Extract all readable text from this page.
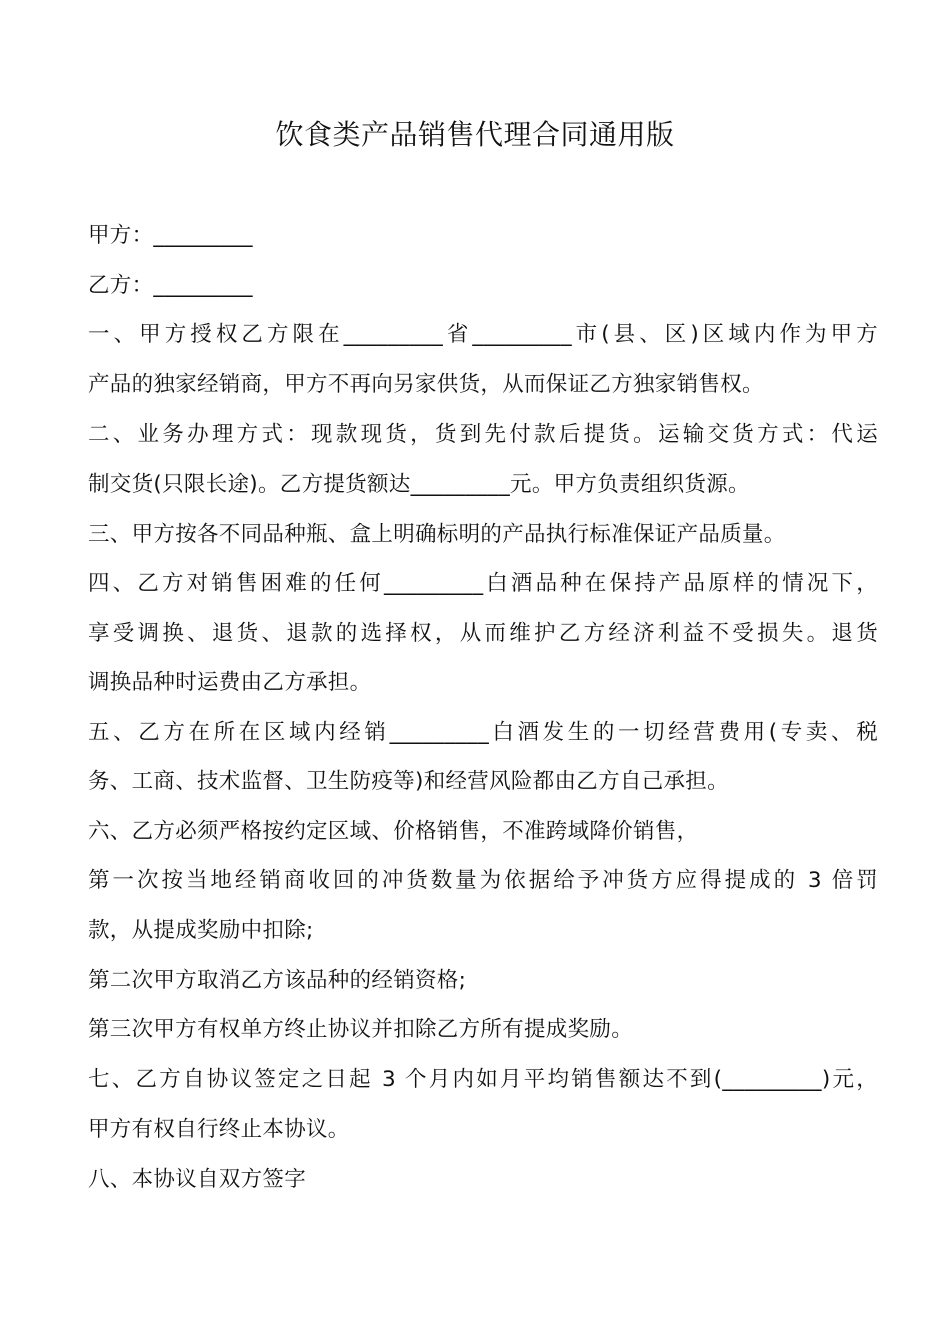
饮食类产品销售代理合同通用版
甲方：_________
乙方：_________
一、甲方授权乙方限在_________省_________市(县、区)区域内作为甲方
产品的独家经销商，甲方不再向另家供货，从而保证乙方独家销售权。
二、业务办理方式：现款现货，货到先付款后提货。运输交货方式：代运
制交货(只限长途)。乙方提货额达_________元。甲方负责组织货源。
三、甲方按各不同品种瓶、盒上明确标明的产品执行标准保证产品质量。
四、乙方对销售困难的任何_________白酒品种在保持产品原样的情况下，
享受调换、退货、退款的选择权，从而维护乙方经济利益不受损失。退货
调换品种时运费由乙方承担。
五、乙方在所在区域内经销_________白酒发生的一切经营费用(专卖、税
务、工商、技术监督、卫生防疫等)和经营风险都由乙方自己承担。
六、乙方必须严格按约定区域、价格销售，不准跨域降价销售，
第一次按当地经销商收回的冲货数量为依据给予冲货方应得提成的 3 倍罚
款，从提成奖励中扣除;
第二次甲方取消乙方该品种的经销资格;
第三次甲方有权单方终止协议并扣除乙方所有提成奖励。
七、乙方自协议签定之日起 3 个月内如月平均销售额达不到(_________)元，
甲方有权自行终止本协议。
八、本协议自双方签字
